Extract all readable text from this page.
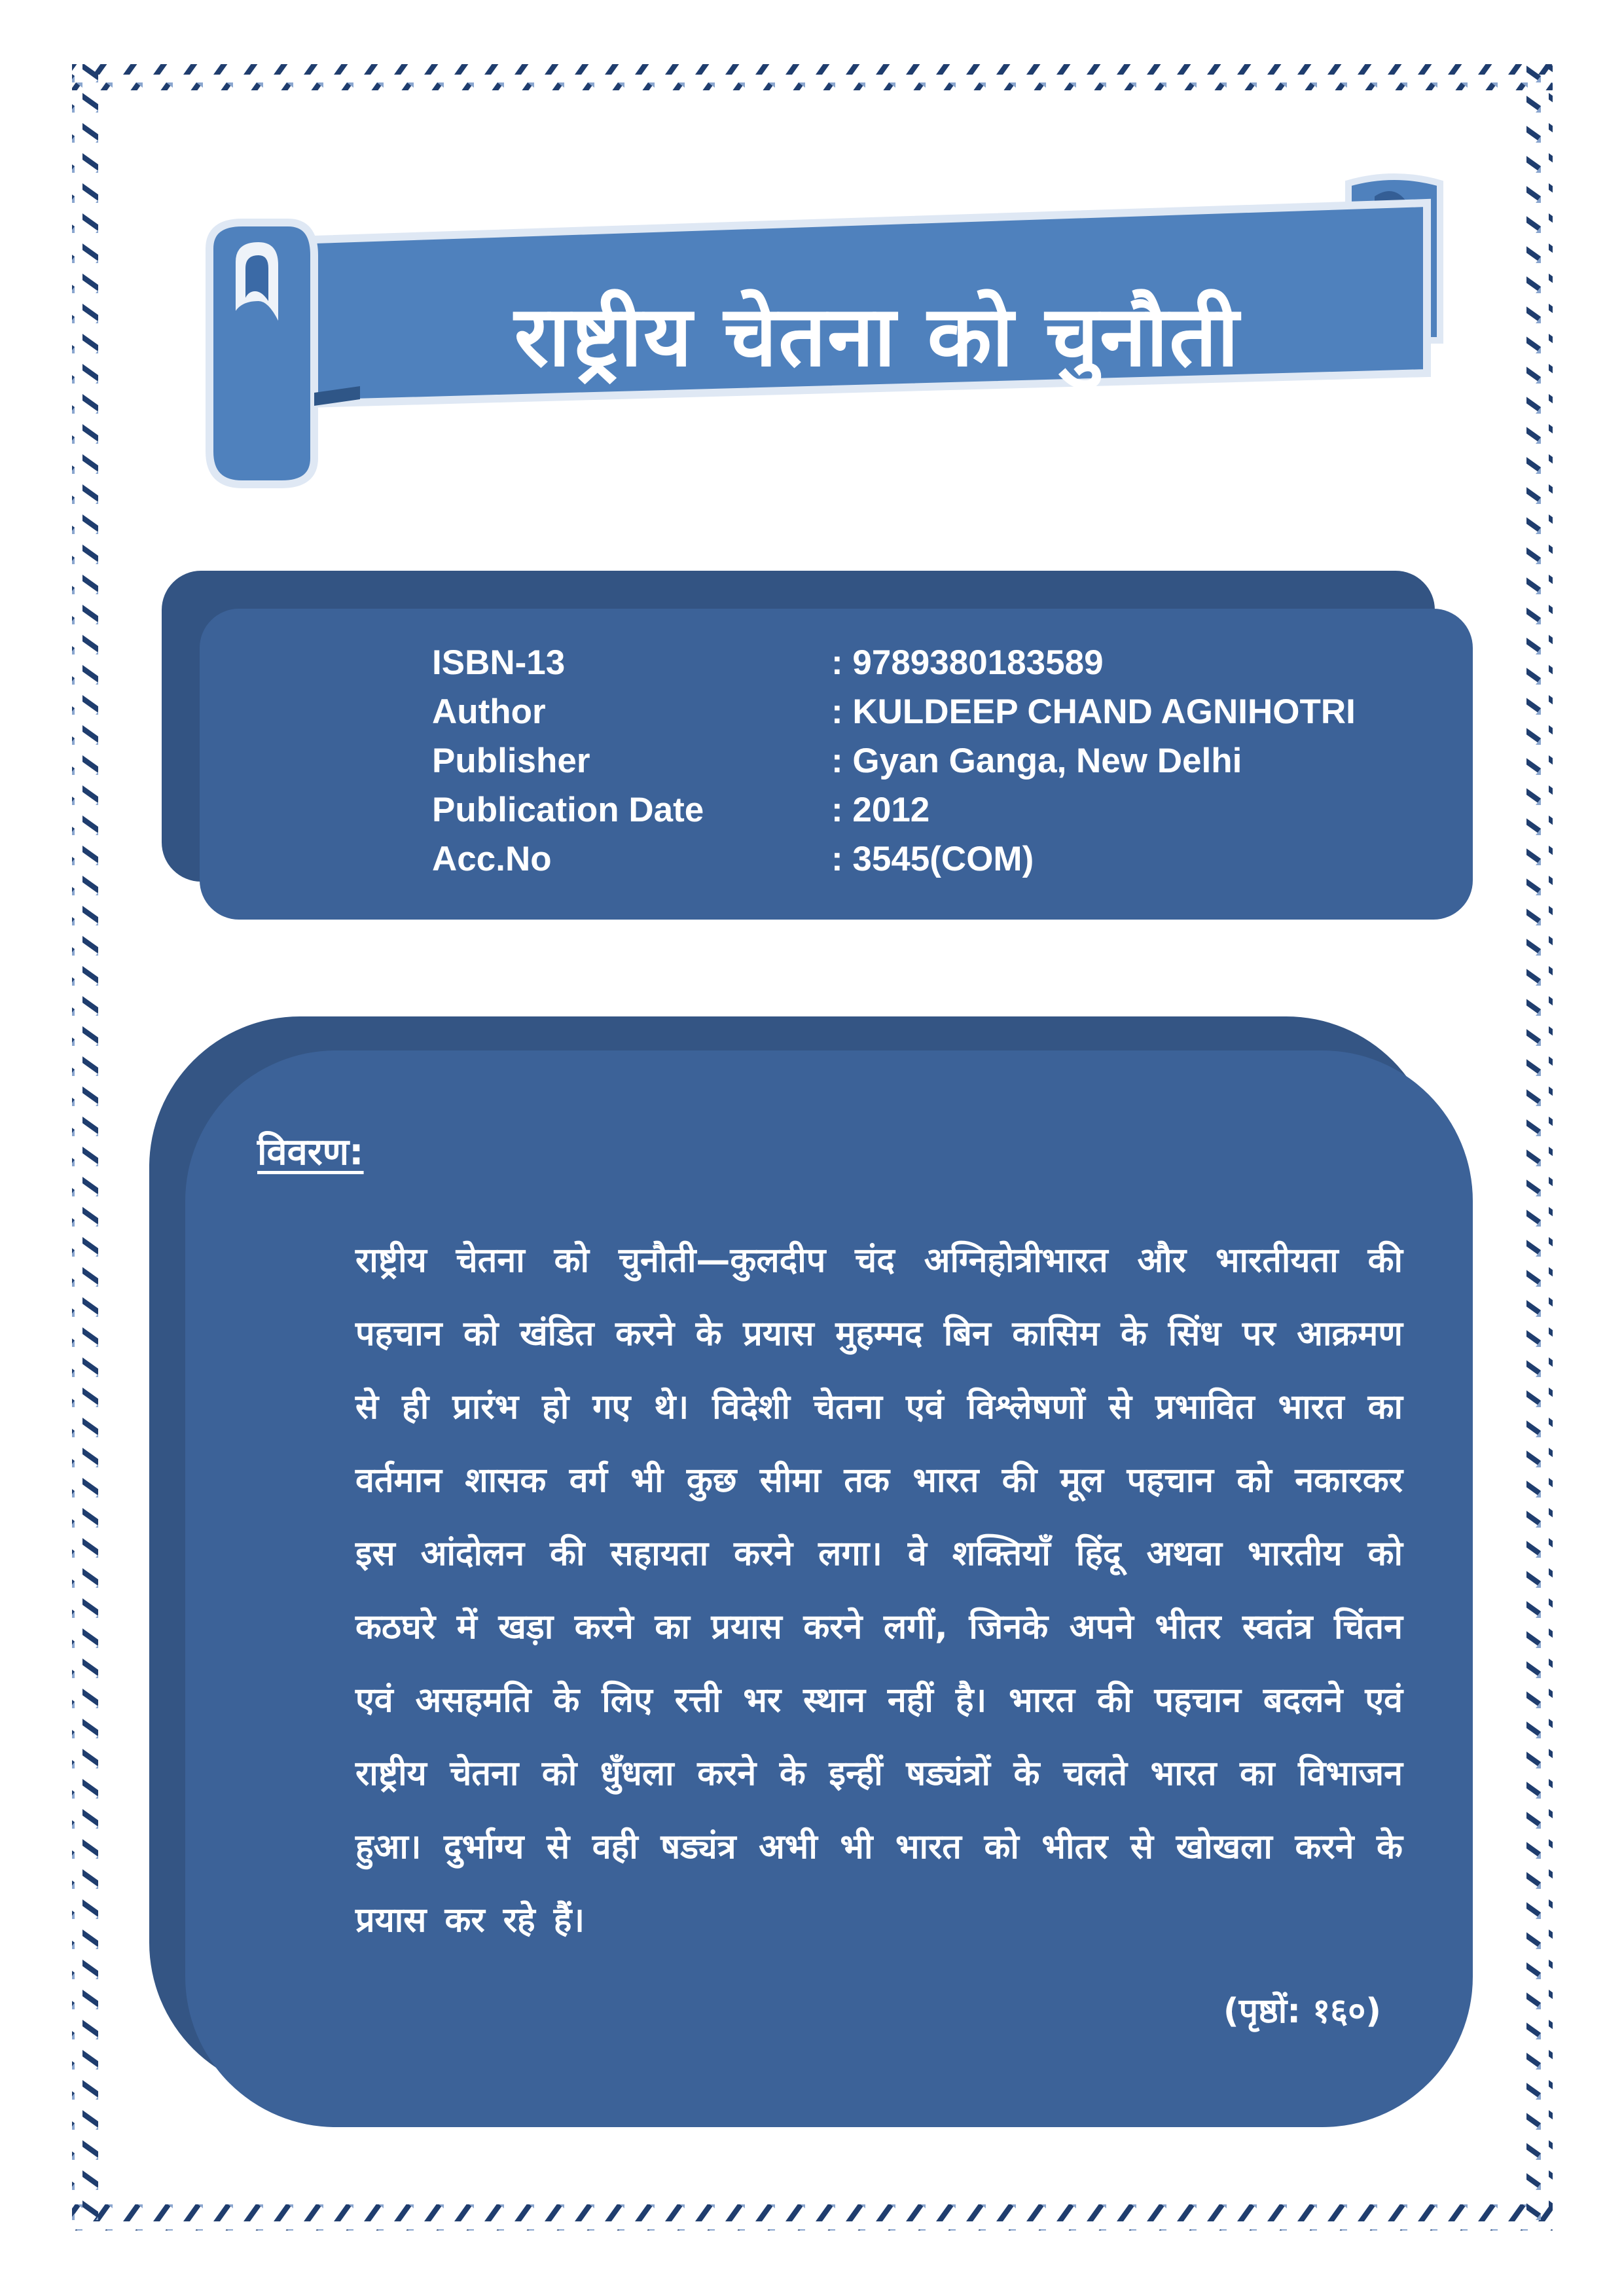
राष्ट्रीय चेतना को चुनौती
ISBN-13	: 9789380183589
Author	: KULDEEP CHAND AGNIHOTRI
Publisher	: Gyan Ganga, New Delhi
Publication Date	: 2012
Acc.No	: 3545(COM)
विवरण:
राष्ट्रीय चेतना को चुनौती—कुलदीप चंद अग्निहोत्रीभारत और भारतीयता की पहचान को खंडित करने के प्रयास मुहम्मद बिन कासिम के सिंध पर आक्रमण से ही प्रारंभ हो गए थे। विदेशी चेतना एवं विश्लेषणों से प्रभावित भारत का वर्तमान शासक वर्ग भी कुछ सीमा तक भारत की मूल पहचान को नकारकर इस आंदोलन की सहायता करने लगा। वे शक्तियाँ हिंदू अथवा भारतीय को कठघरे में खड़ा करने का प्रयास करने लगीं, जिनके अपने भीतर स्वतंत्र चिंतन एवं असहमति के लिए रत्ती भर स्थान नहीं है। भारत की पहचान बदलने एवं राष्ट्रीय चेतना को धुँधला करने के इन्हीं षड्यंत्रों के चलते भारत का विभाजन हुआ। दुर्भाग्य से वही षड्यंत्र अभी भी भारत को भीतर से खोखला करने के प्रयास कर रहे हैं।
(पृष्ठों: १६०)
